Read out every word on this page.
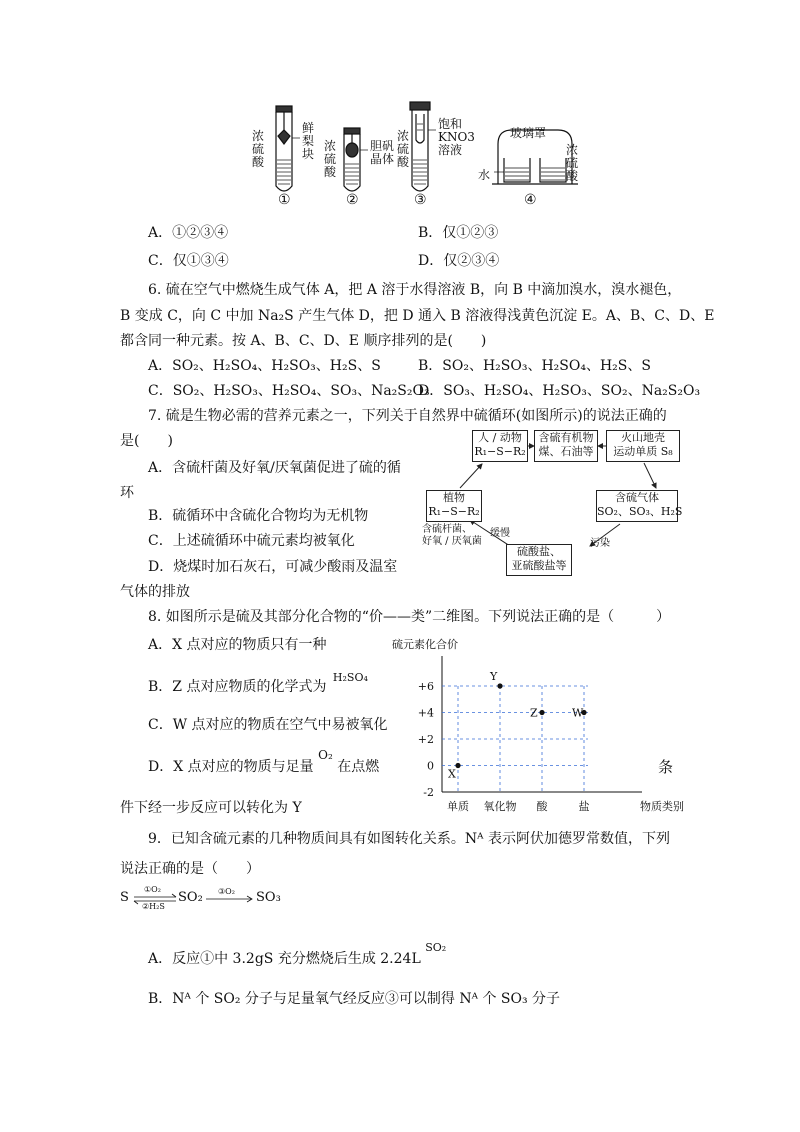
浓
硫
酸
鲜
梨
块
浓
硫
酸
胆矾
晶体
浓
硫
酸
饱和
KNO3
溶液
玻璃罩
水
浓
硫
酸
①	②	③	④
A．①②③④	B．仅①②③
C．仅①③④	D．仅②③④
6. 硫在空气中燃烧生成气体 A，把 A 溶于水得溶液 B，向 B 中滴加溴水，溴水褪色，
B 变成 C，向 C 中加 Na₂S 产生气体 D，把 D 通入 B 溶液得浅黄色沉淀 E。A、B、C、D、E
都含同一种元素。按 A、B、C、D、E 顺序排列的是(　　)
A．SO₂、H₂SO₄、H₂SO₃、H₂S、S	B．SO₂、H₂SO₃、H₂SO₄、H₂S、S
C．SO₂、H₂SO₃、H₂SO₄、SO₃、Na₂S₂O₃
D．SO₃、H₂SO₄、H₂SO₃、SO₂、Na₂S₂O₃
7. 硫是生物必需的营养元素之一，下列关于自然界中硫循环(如图所示)的说法正确的
是(　　)
A．含硫杆菌及好氧/厌氧菌促进了硫的循
环
B．硫循环中含硫化合物均为无机物
C．上述硫循环中硫元素均被氧化
D．烧煤时加石灰石，可减少酸雨及温室
气体的排放
人 / 动物
R₁−S−R₂
含硫有机物
煤、石油等
火山地壳
运动单质 S₈
植物
R₁−S−R₂
含硫气体
SO₂、SO₃、H₂S
硫酸盐、
亚硫酸盐等
含硫杆菌、
好氧 / 厌氧菌
缓慢
污染
8. 如图所示是硫及其部分化合物的“价——类”二维图。下列说法正确的是（　　　）
A．X 点对应的物质只有一种
B．Z 点对应物质的化学式为 $^{H_2SO_4}$
C．W 点对应的物质在空气中易被氧化
D．X 点对应的物质与足量 O₂ 在点燃	条
件下经一步反应可以转化为 Y
硫元素化合价
+6
+4
+2
0
-2
单质 氧化物 酸	盐	物质类别
X
Y
Z	W
9．已知含硫元素的几种物质间具有如图转化关系。Nᴬ 表示阿伏加德罗常数值，下列
说法正确的是（　　）
S
①O₂
②H₂S
SO₂ ③O₂ SO₃
A．反应①中 3.2gS 充分燃烧后生成 2.24L $^{SO_2}$
B．Nᴬ 个 SO₂ 分子与足量氧气经反应③可以制得 Nᴬ 个 SO₃ 分子
